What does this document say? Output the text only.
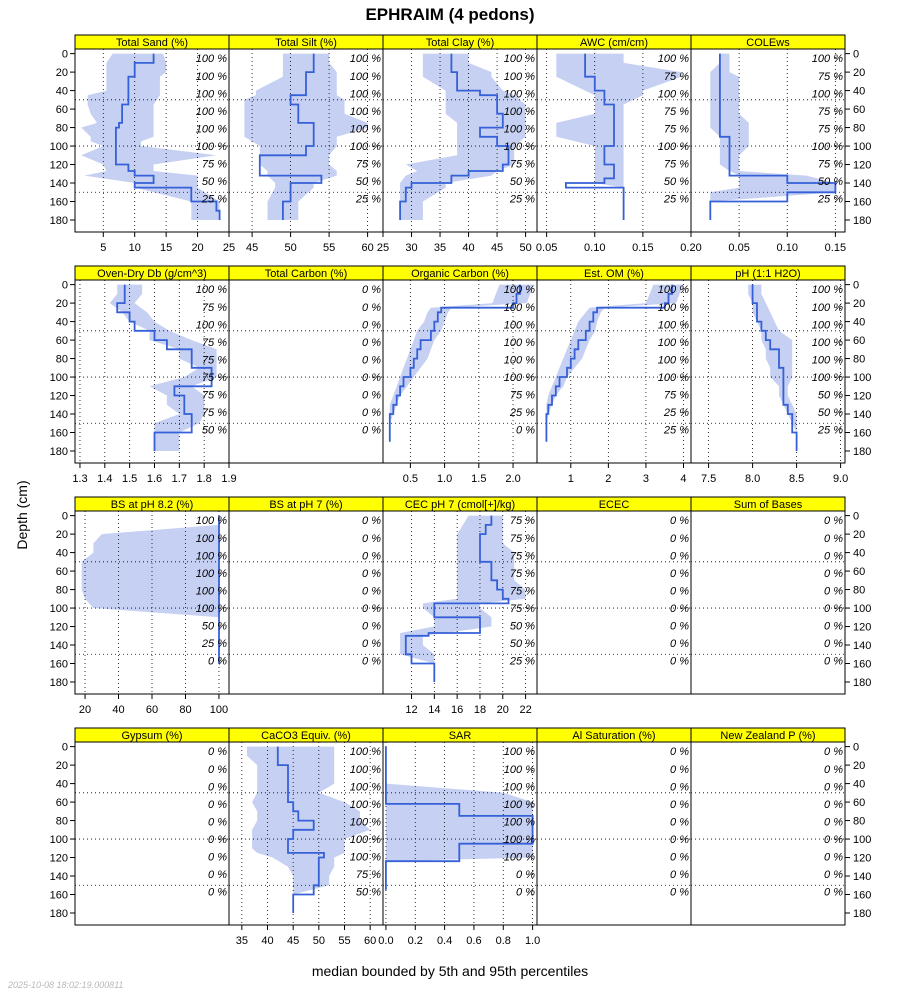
EPHRAIM (4 pedons)
Depth (cm)
median bounded by 5th and 95th percentiles
2025-10-08 18:02:19.000811
Total Sand (%)
100 %
100 %
100 %
100 %
100 %
100 %
75 %
50 %
25 %
5 10 15 20 25
Total Silt (%)
100 %
100 %
100 %
100 %
100 %
100 %
75 %
50 %
25 %
45 50 55 60
Total Clay (%)
100 %
100 %
100 %
100 %
100 %
100 %
75 %
50 %
25 %
25 30 35 40 45 50
AWC (cm/cm)
100 %
75 %
100 %
75 %
75 %
100 %
75 %
50 %
25 %
0.05 0.10 0.15 0.20
COLEws
100 %
75 %
100 %
75 %
75 %
100 %
75 %
50 %
25 %
0.05 0.10 0.15
Oven-Dry Db (g/cm^3)
100 %
75 %
100 %
75 %
75 %
75 %
75 %
75 %
50 %
1.3 1.4 1.5 1.6 1.7 1.8 1.9
Total Carbon (%)
0 %
0 %
0 %
0 %
0 %
0 %
0 %
0 %
0 %
Organic Carbon (%)
100 %
100 %
100 %
100 %
100 %
100 %
75 %
25 %
0 %
0.5 1.0 1.5 2.0
Est. OM (%)
100 %
100 %
100 %
100 %
100 %
100 %
75 %
25 %
25 %
1	2	3	4
pH (1:1 H2O)
100 %
100 %
100 %
100 %
100 %
100 %
50 %
50 %
25 %
7.5	8.0	8.5	9.0
BS at pH 8.2 (%)
100 %
100 %
100 %
100 %
100 %
100 %
50 %
25 %
0 %
20 40 60 80 100
BS at pH 7 (%)
0 %
0 %
0 %
0 %
0 %
0 %
0 %
0 %
0 %
CEC pH 7 (cmol[+]/kg)
75 %
75 %
75 %
75 %
75 %
75 %
50 %
50 %
25 %
12 14 16 18 20 22
ECEC
0 %
0 %
0 %
0 %
0 %
0 %
0 %
0 %
0 %
Sum of Bases
0 %
0 %
0 %
0 %
0 %
0 %
0 %
0 %
0 %
Gypsum (%)
0 %
0 %
0 %
0 %
0 %
0 %
0 %
0 %
0 %
CaCO3 Equiv. (%)
100 %
100 %
100 %
100 %
100 %
100 %
100 %
75 %
50 %
35 40 45 50 55 60
SAR
100 %
100 %
100 %
100 %
100 %
100 %
100 %
0 %
0 %
0.0 0.2 0.4 0.6 0.8 1.0
Al Saturation (%)
0 %
0 %
0 %
0 %
0 %
0 %
0 %
0 %
0 %
New Zealand P (%)
0 %
0 %
0 %
0 %
0 %
0 %
0 %
0 %
0 %
0	0
20	20
40	40
60	60
80	80
100	100
120	120
140	140
160	160
180	180
0	0
20	20
40	40
60	60
80	80
100	100
120	120
140	140
160	160
180	180
0	0
20	20
40	40
60	60
80	80
100	100
120	120
140	140
160	160
180	180
0	0
20	20
40	40
60	60
80	80
100	100
120	120
140	140
160	160
180	180
